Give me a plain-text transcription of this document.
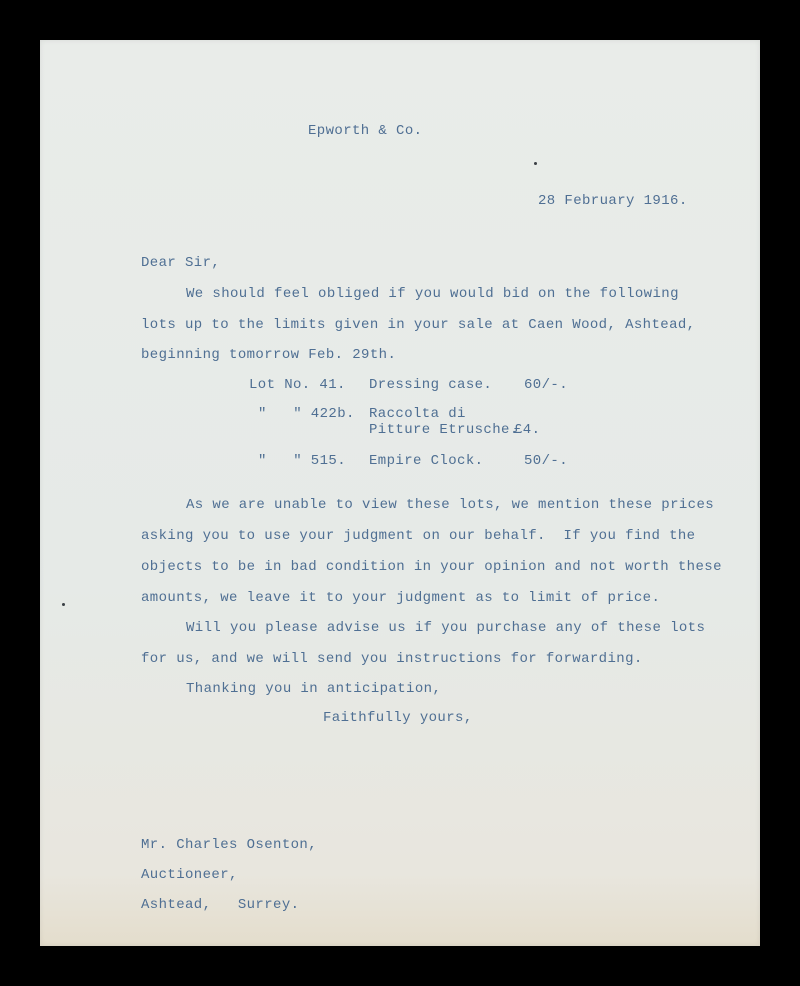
Epworth & Co.
28 February 1916.
Dear Sir,
We should feel obliged if you would bid on the following
lots up to the limits given in your sale at Caen Wood, Ashtead,
beginning tomorrow Feb. 29th.
Lot No. 41. Dressing case. 60/-.
"   " 422b. Raccolta di
Pitture Etrusche.
£4.
"   " 515. Empire Clock.	50/-.
As we are unable to view these lots, we mention these prices
asking you to use your judgment on our behalf.  If you find the
objects to be in bad condition in your opinion and not worth these
amounts, we leave it to your judgment as to limit of price.
Will you please advise us if you purchase any of these lots
for us, and we will send you instructions for forwarding.
Thanking you in anticipation,
Faithfully yours,
Mr. Charles Osenton,
Auctioneer,
Ashtead,   Surrey.
